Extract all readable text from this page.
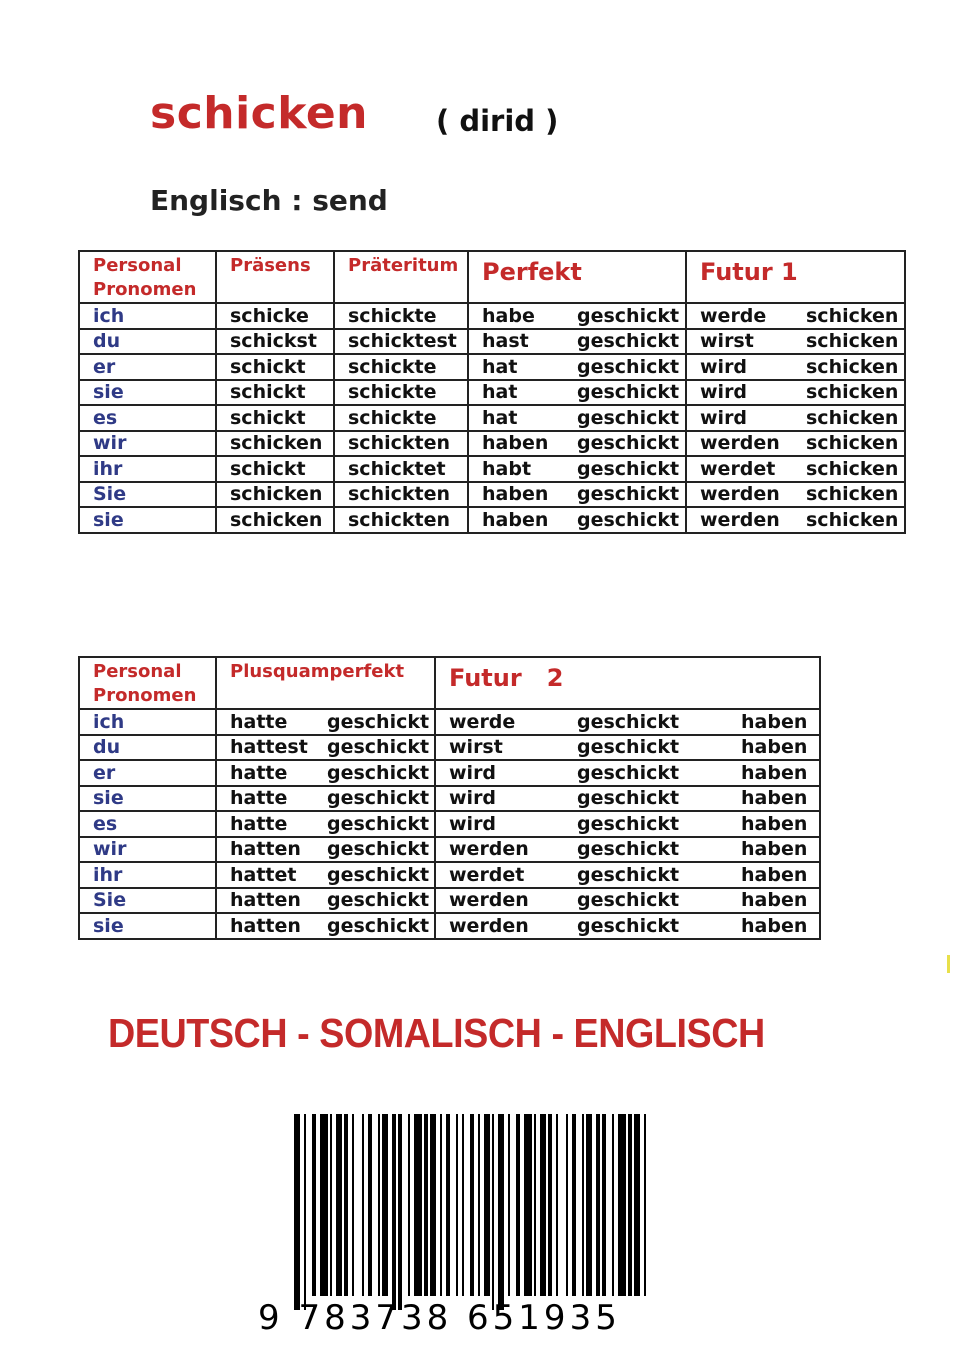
schicken ( dirid )
Englisch : send
Personal Pronomen	Präsens	Präteritum	Perfekt	Futur 1
ich	schicke	schickte	habe geschickt	werde schicken
du	schickst	schicktest	hast geschickt	wirst schicken
er	schickt	schickte	hat geschickt	wird schicken
sie	schickt	schickte	hat geschickt	wird schicken
es	schickt	schickte	hat geschickt	wird schicken
wir	schicken	schickten	haben geschickt	werden schicken
ihr	schickt	schicktet	habt geschickt	werdet schicken
Sie	schicken	schickten	haben geschickt	werden schicken
sie	schicken	schickten	haben geschickt	werden schicken
Personal Pronomen	Plusquamperfekt	Futur   2
ich	hatte geschickt	werde geschickt haben
du	hattest geschickt	wirst geschickt haben
er	hatte geschickt	wird geschickt haben
sie	hatte geschickt	wird geschickt haben
es	hatte geschickt	wird geschickt haben
wir	hatten geschickt	werden geschickt haben
ihr	hattet geschickt	werdet geschickt haben
Sie	hatten geschickt	werden geschickt haben
sie	hatten geschickt	werden geschickt haben
DEUTSCH - SOMALISCH - ENGLISCH
9 783738 651935
